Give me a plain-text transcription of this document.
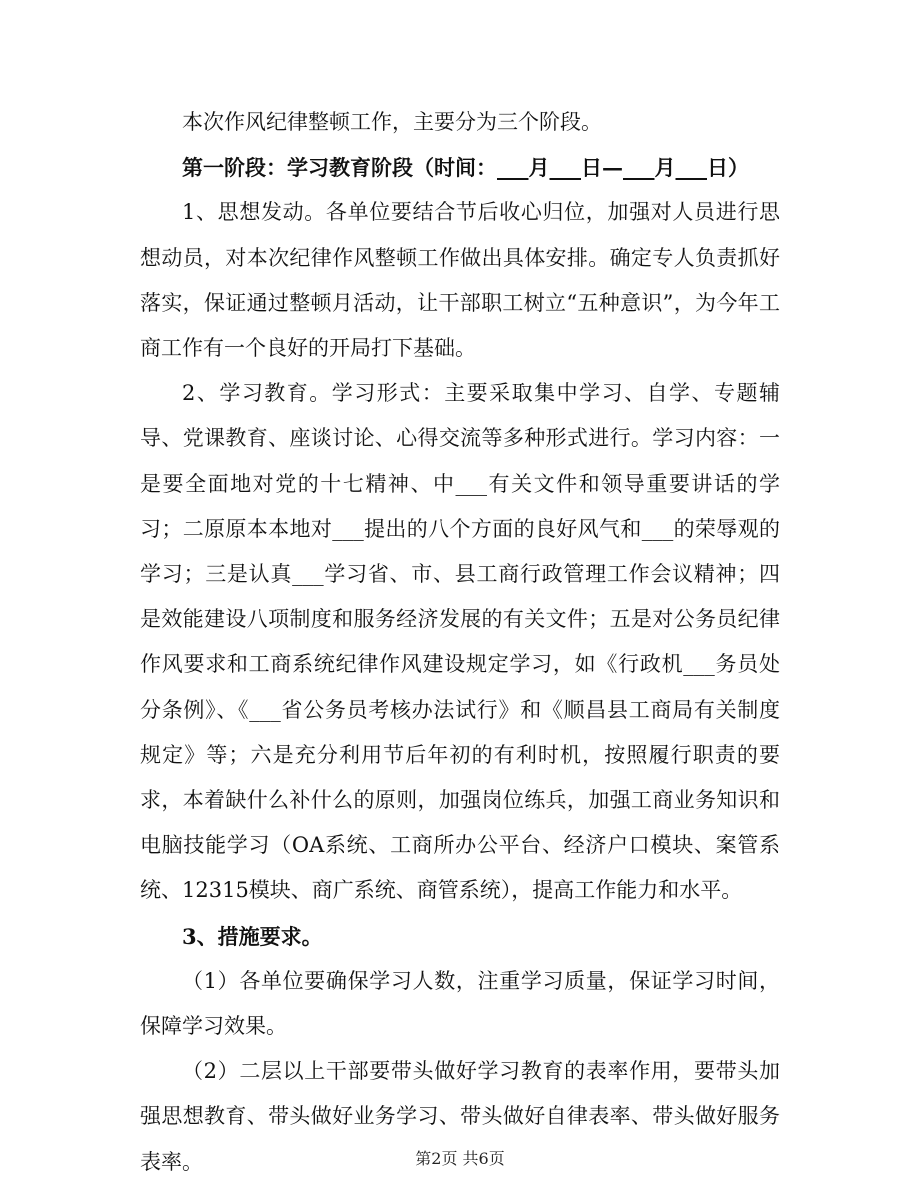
本次作风纪律整顿工作，主要分为三个阶段。

第一阶段：学习教育阶段（时间：___月___日—___月___日）

1、思想发动。各单位要结合节后收心归位，加强对人员进行思想动员，对本次纪律作风整顿工作做出具体安排。确定专人负责抓好落实，保证通过整顿月活动，让干部职工树立“五种意识”，为今年工商工作有一个良好的开局打下基础。

2、学习教育。学习形式：主要采取集中学习、自学、专题辅导、党课教育、座谈讨论、心得交流等多种形式进行。学习内容：一是要全面地对党的十七精神、中___有关文件和领导重要讲话的学习；二原原本本地对___提出的八个方面的良好风气和___的荣辱观的学习；三是认真___学习省、市、县工商行政管理工作会议精神；四是效能建设八项制度和服务经济发展的有关文件；五是对公务员纪律作风要求和工商系统纪律作风建设规定学习，如《行政机___务员处分条例》、《___省公务员考核办法试行》和《顺昌县工商局有关制度规定》等；六是充分利用节后年初的有利时机，按照履行职责的要求，本着缺什么补什么的原则，加强岗位练兵，加强工商业务知识和电脑技能学习（OA系统、工商所办公平台、经济户口模块、案管系统、12315模块、商广系统、商管系统），提高工作能力和水平。

3、措施要求。

（1）各单位要确保学习人数，注重学习质量，保证学习时间，保障学习效果。

（2）二层以上干部要带头做好学习教育的表率作用，要带头加强思想教育、带头做好业务学习、带头做好自律表率、带头做好服务表率。	第2页 共6页
